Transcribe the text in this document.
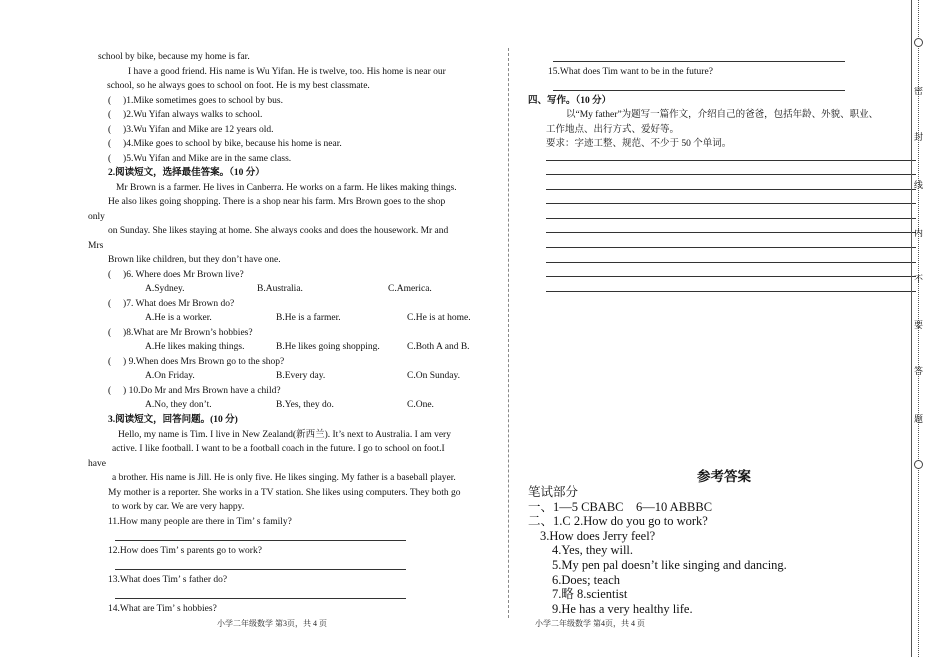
school by bike, because my home is far.
I have a good friend. His name is Wu Yifan. He is twelve, too. His home is near our
school, so he always goes to school on foot. He is my best classmate.
(　 )1.Mike sometimes goes to school by bus.
(　 )2.Wu Yifan always walks to school.
(　 )3.Wu Yifan and Mike are 12 years old.
(　 )4.Mike goes to school by bike, because his home is near.
(　 )5.Wu Yifan and Mike are in the same class.
2.阅读短文，选择最佳答案。（10 分）
Mr Brown is a farmer. He lives in Canberra. He works on a farm. He likes making things.
He also likes going shopping. There is a shop near his farm. Mrs Brown goes to the shop
only
on Sunday. She likes staying at home. She always cooks and does the housework. Mr and
Mrs
Brown like children, but they don’t have one.
(　 )6. Where does Mr Brown live?
A.Sydney.	B.Australia.	C.America.
(　 )7. What does Mr Brown do?
A.He is a worker.	B.He is a farmer.	C.He is at home.
(　 )8.What are Mr Brown’s hobbies?
A.He likes making things.	B.He likes going shopping.	C.Both A and B.
(　 ) 9.When does Mrs Brown go to the shop?
A.On Friday.	B.Every day.	C.On Sunday.
(　 ) 10.Do Mr and Mrs Brown have a child?
A.No, they don’t.	B.Yes, they do.	C.One.
3.阅读短文，回答问题。(10 分)
Hello, my name is Tim. I live in New Zealand(新西兰). It’s next to Australia. I am very
active. I like football. I want to be a football coach in the future. I go to school on foot.I
have
a brother. His name is Jill. He is only five. He likes singing. My father is a baseball player.
My mother is a reporter. She works in a TV station. She likes using computers. They both go
to work by car. We are very happy.
11.How many people are there in Tim’ s family?
12.How does Tim’ s parents go to work?
13.What does Tim’ s father do?
14.What are Tim’ s hobbies?
小学二年级数学 第3页，共 4 页
15.What does Tim want to be in the future?
四、写作。（10 分）
以“My father”为题写一篇作文，介绍自己的爸爸，包括年龄、外貌、职业、
工作地点、出行方式、爱好等。
要求：字迹工整、规范、不少于 50 个单词。
参考答案
笔试部分
一、1—5 CBABC　6—10 ABBBC
二、1.C 2.How do you go to work?
3.How does Jerry feel?
4.Yes, they will.
5.My pen pal doesn’t like singing and dancing.
6.Does; teach
7.略 8.scientist
9.He has a very healthy life.
小学二年级数学 第4页，共 4 页
密
封
线
内
不
要
答
题
